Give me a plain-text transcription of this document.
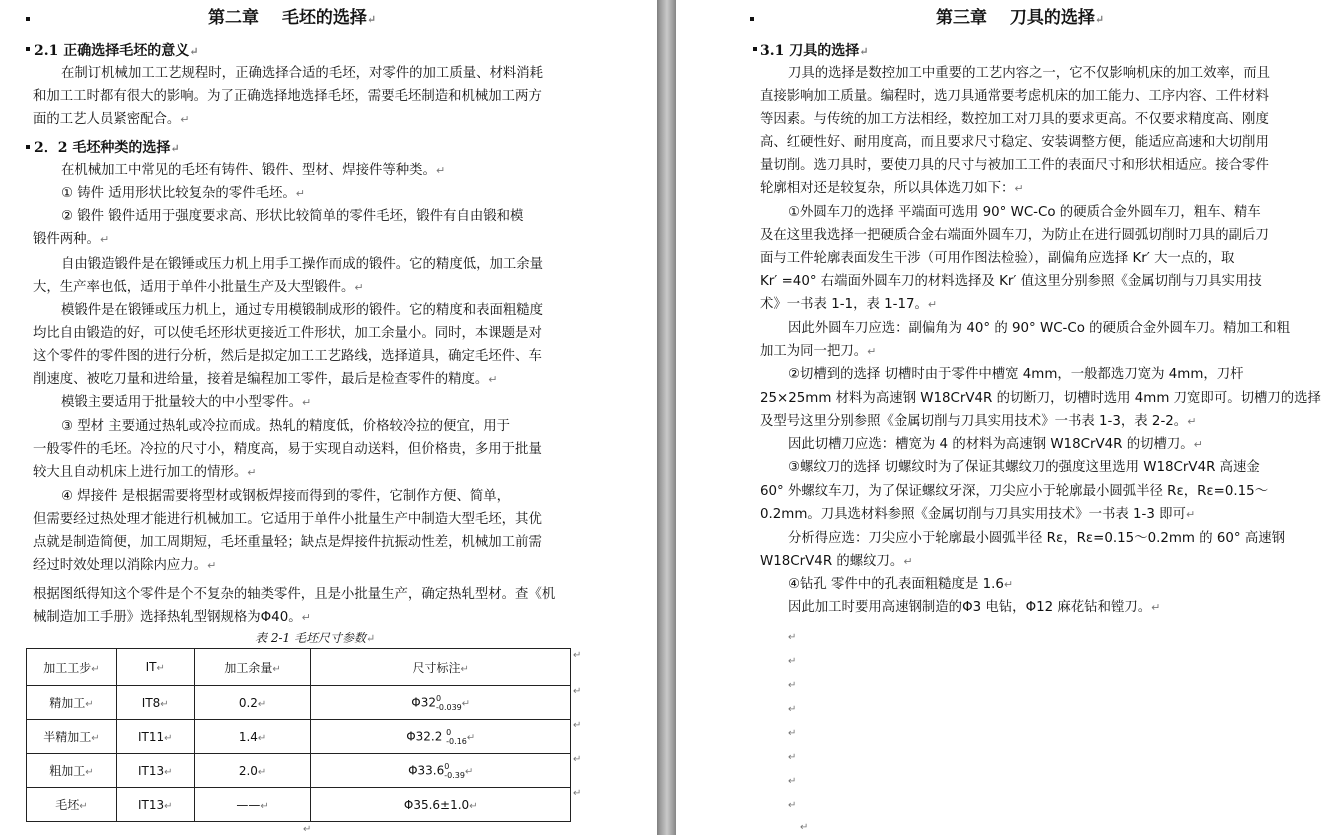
第二章　 毛坯的选择↵
2.1 正确选择毛坯的意义↵
在制订机械加工工艺规程时，正确选择合适的毛坯，对零件的加工质量、材料消耗
和加工工时都有很大的影响。为了正确选择地选择毛坯，需要毛坯制造和机械加工两方
面的工艺人员紧密配合。↵
2．2 毛坯种类的选择↵
在机械加工中常见的毛坯有铸件、锻件、型材、焊接件等种类。↵
① 铸件 适用形状比较复杂的零件毛坯。↵
② 锻件 锻件适用于强度要求高、形状比较简单的零件毛坯，锻件有自由锻和模
锻件两种。↵
自由锻造锻件是在锻锤或压力机上用手工操作而成的锻件。它的精度低，加工余量
大，生产率也低，适用于单件小批量生产及大型锻件。↵
模锻件是在锻锤或压力机上，通过专用模锻制成形的锻件。它的精度和表面粗糙度
均比自由锻造的好，可以使毛坯形状更接近工件形状，加工余量小。同时，本课题是对
这个零件的零件图的进行分析，然后是拟定加工工艺路线，选择道具，确定毛坯件、车
削速度、被吃刀量和进给量，接着是编程加工零件，最后是检查零件的精度。↵
模锻主要适用于批量较大的中小型零件。↵
③ 型材 主要通过热轧或冷拉而成。热轧的精度低，价格较冷拉的便宜，用于
一般零件的毛坯。冷拉的尺寸小，精度高，易于实现自动送料，但价格贵，多用于批量
较大且自动机床上进行加工的情形。↵
④ 焊接件 是根据需要将型材或钢板焊接而得到的零件，它制作方便、简单，
但需要经过热处理才能进行机械加工。它适用于单件小批量生产中制造大型毛坯，其优
点就是制造简便，加工周期短，毛坯重量轻；缺点是焊接件抗振动性差，机械加工前需
经过时效处理以消除内应力。↵
根据图纸得知这个零件是个不复杂的轴类零件，且是小批量生产，确定热轧型材。查《机
械制造加工手册》选择热轧型钢规格为Φ40。↵
表 2-1 毛坯尺寸参数↵
加工工步↵	IT↵	加工余量↵	尺寸标注↵
精加工↵	IT8↵	0.2↵	Φ32 0
-0.039 ↵
半精加工↵	IT11↵	1.4↵	Φ32.2 0
-0.16 ↵
粗加工↵	IT13↵	2.0↵	Φ33.6 0
-0.39 ↵
毛坯↵	IT13↵	——↵	Φ35.6±1.0↵
↵
↵
↵
↵
↵
↵
第三章　 刀具的选择↵
3.1 刀具的选择↵
刀具的选择是数控加工中重要的工艺内容之一，它不仅影响机床的加工效率，而且
直接影响加工质量。编程时，选刀具通常要考虑机床的加工能力、工序内容、工件材料
等因素。与传统的加工方法相经，数控加工对刀具的要求更高。不仅要求精度高、刚度
高、红硬性好、耐用度高，而且要求尺寸稳定、安装调整方便，能适应高速和大切削用
量切削。选刀具时，要使刀具的尺寸与被加工工件的表面尺寸和形状相适应。接合零件
轮廓相对还是较复杂，所以具体选刀如下：↵
①外圆车刀的选择 平端面可选用 90° WC-Co 的硬质合金外圆车刀，粗车、精车
及在这里我选择一把硬质合金右端面外圆车刀，为防止在进行圆弧切削时刀具的副后刀
面与工件轮廓表面发生干涉（可用作图法检验），副偏角应选择 Kr′ 大一点的，取
Kr′ =40° 右端面外圆车刀的材料选择及 Kr′ 值这里分别参照《金属切削与刀具实用技
术》一书表 1-1，表 1-17。↵
因此外圆车刀应选：副偏角为 40° 的 90° WC-Co 的硬质合金外圆车刀。精加工和粗
加工为同一把刀。↵
②切槽到的选择 切槽时由于零件中槽宽 4mm，一般都选刀宽为 4mm，刀杆
25×25mm 材料为高速钢 W18CrV4R 的切断刀，切槽时选用 4mm 刀宽即可。切槽刀的选择
及型号这里分别参照《金属切削与刀具实用技术》一书表 1-3，表 2-2。↵
因此切槽刀应选：槽宽为 4 的材料为高速钢 W18CrV4R 的切槽刀。↵
③螺纹刀的选择 切螺纹时为了保证其螺纹刀的强度这里选用 W18CrV4R 高速金
60° 外螺纹车刀，为了保证螺纹牙深，刀尖应小于轮廓最小圆弧半径 Rε，Rε=0.15～
0.2mm。刀具选材料参照《金属切削与刀具实用技术》一书表 1-3 即可↵
分析得应选：刀尖应小于轮廓最小圆弧半径 Rε，Rε=0.15～0.2mm 的 60° 高速钢
W18CrV4R 的螺纹刀。↵
④钻孔 零件中的孔表面粗糙度是 1.6↵
因此加工时要用高速钢制造的Φ3 电钻，Φ12 麻花钻和镗刀。↵
↵
↵
↵
↵
↵
↵
↵
↵
↵
